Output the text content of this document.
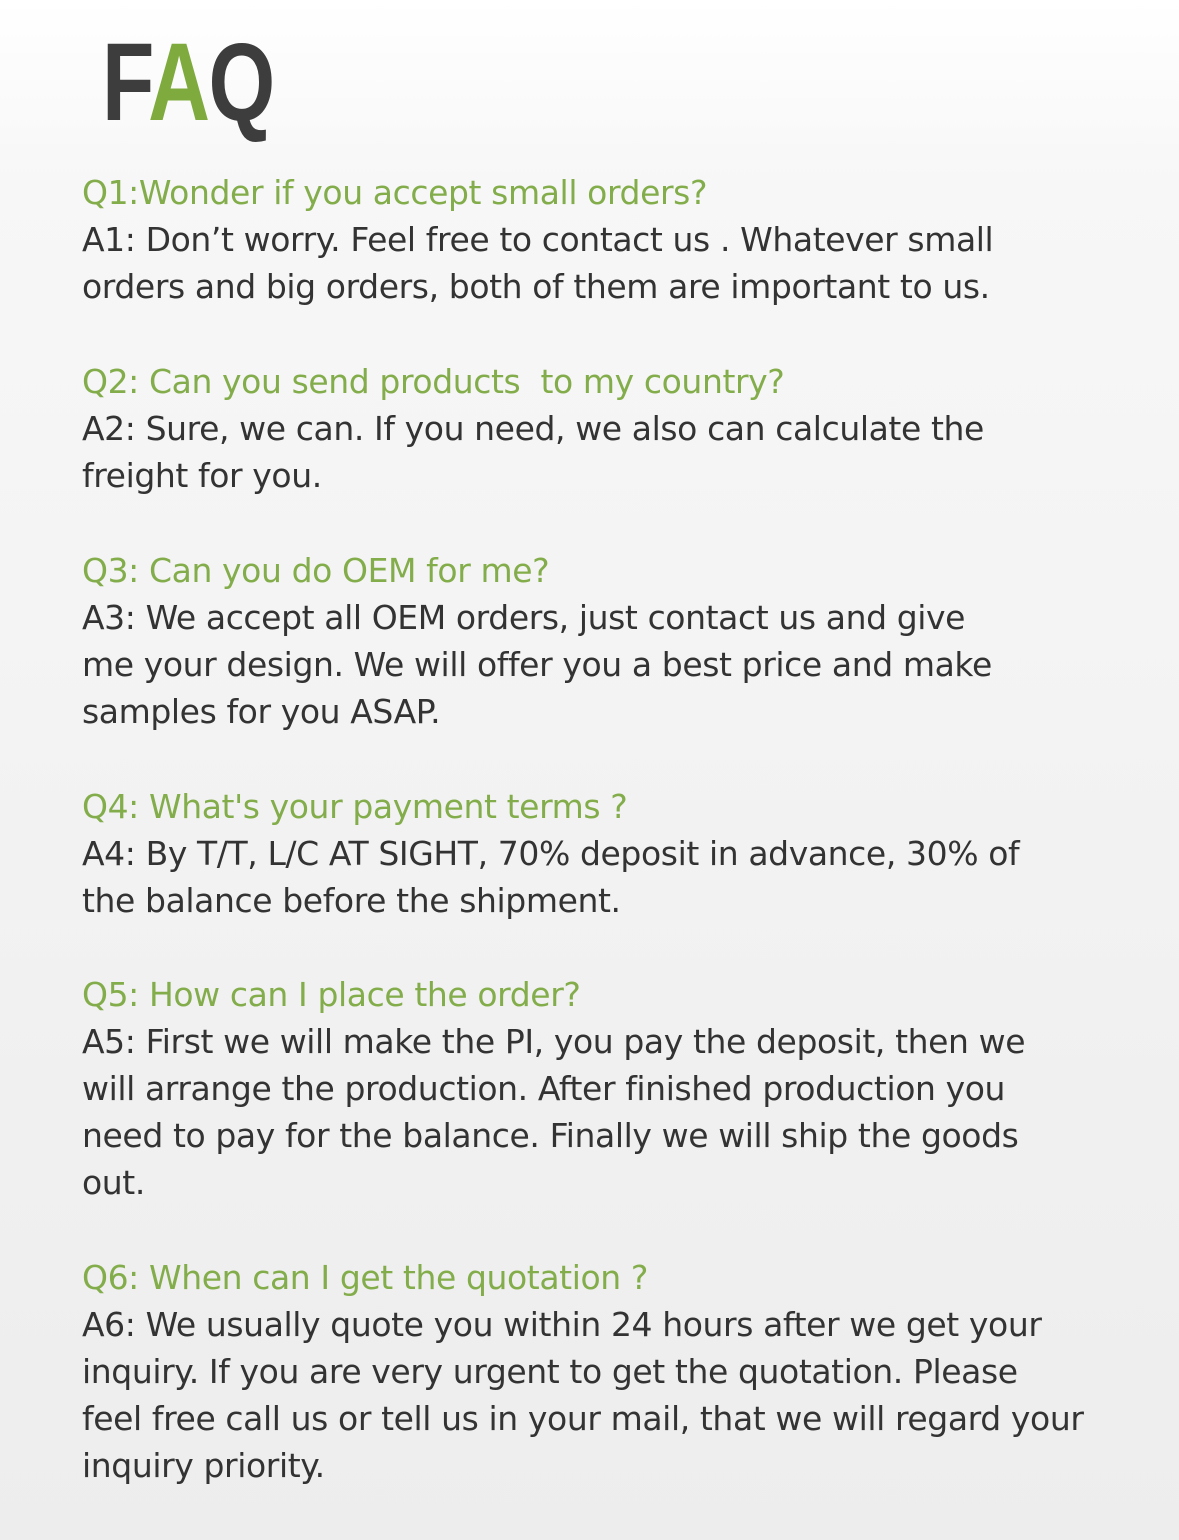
FAQ

Q1:Wonder if you accept small orders?

A1: Don’t worry. Feel free to contact us . Whatever small
orders and big orders, both of them are important to us.

Q2: Can you send products  to my country?

A2: Sure, we can. If you need, we also can calculate the
freight for you.

Q3: Can you do OEM for me?

A3: We accept all OEM orders, just contact us and give
me your design. We will offer you a best price and make
samples for you ASAP.

Q4: What's your payment terms ?

A4: By T/T, L/C AT SIGHT, 70% deposit in advance, 30% of
the balance before the shipment.

Q5: How can I place the order?

A5: First we will make the PI, you pay the deposit, then we
will arrange the production. After finished production you
need to pay for the balance. Finally we will ship the goods
out.

Q6: When can I get the quotation ?

A6: We usually quote you within 24 hours after we get your
inquiry. If you are very urgent to get the quotation. Please
feel free call us or tell us in your mail, that we will regard your
inquiry priority.
